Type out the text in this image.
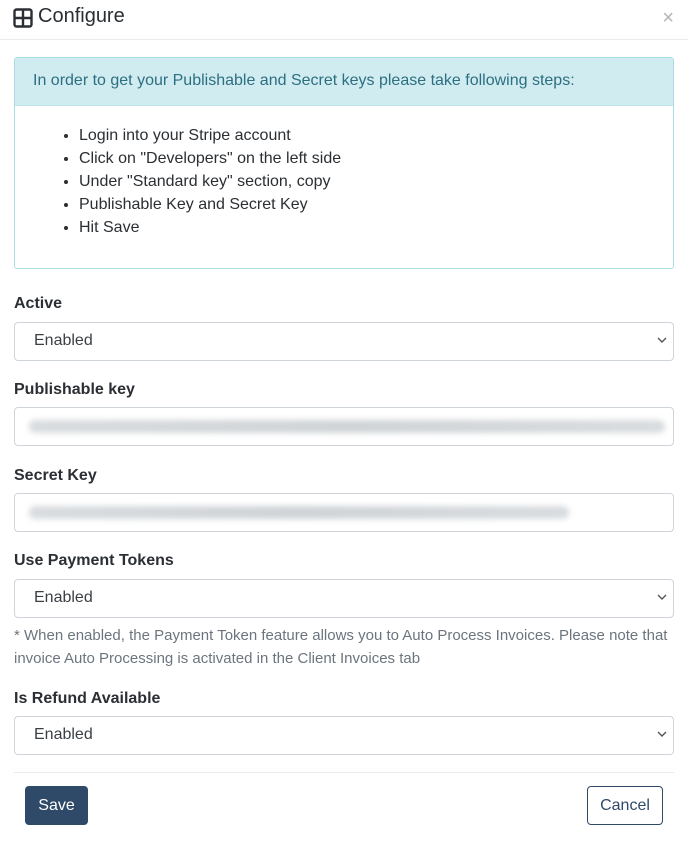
Configure	×
In order to get your Publishable and Secret keys please take following steps:
• Login into your Stripe account
• Click on "Developers" on the left side
• Under "Standard key" section, copy
• Publishable Key and Secret Key
• Hit Save
Active
Enabled
Publishable key
Secret Key
Use Payment Tokens
Enabled
* When enabled, the Payment Token feature allows you to Auto Process Invoices. Please note that invoice Auto Processing is activated in the Client Invoices tab
Is Refund Available
Enabled
Save	Cancel
